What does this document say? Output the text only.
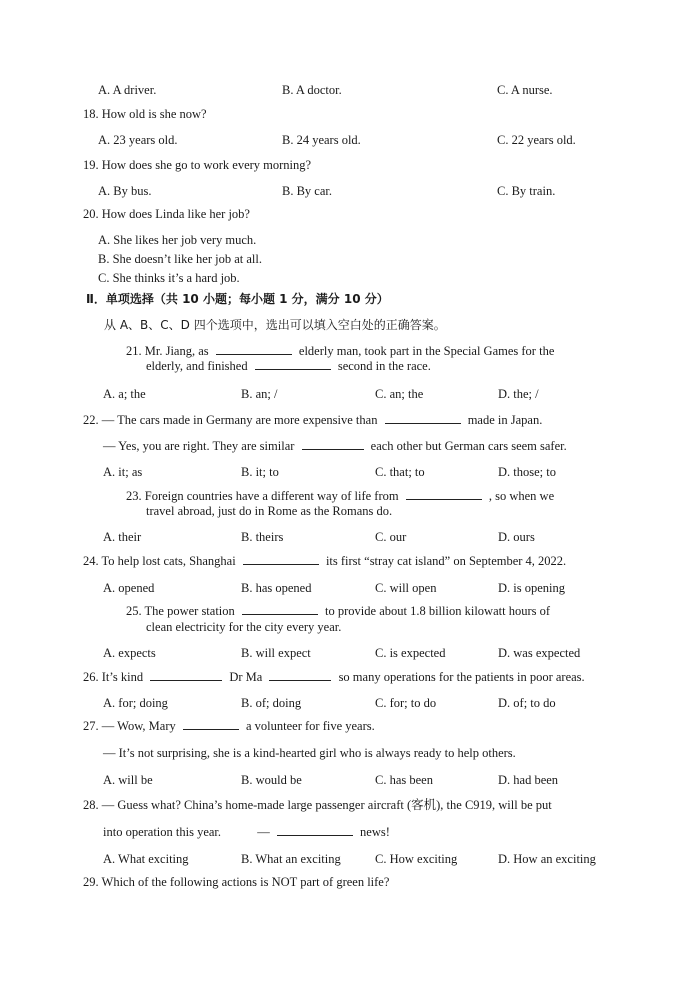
A. A driver.	B. A doctor.	C. A nurse.
18. How old is she now?
A. 23 years old.	B. 24 years old.	C. 22 years old.
19. How does she go to work every morning?
A. By bus.	B. By car.	C. By train.
20. How does Linda like her job?
A. She likes her job very much.
B. She doesn’t like her job at all.
C. She thinks it’s a hard job.
Ⅱ．单项选择（共 10 小题；每小题 1 分，满分 10 分）
从 A、B、C、D 四个选项中，选出可以填入空白处的正确答案。
21. Mr. Jiang, as	elderly man, took part in the Special Games for the
elderly, and finished	second in the race.
A. a; the	B. an; /	C. an; the	D. the; /
22. — The cars made in Germany are more expensive than	made in Japan.
— Yes, you are right. They are similar	each other but German cars seem safer.
A. it; as	B. it; to	C. that; to	D. those; to
23. Foreign countries have a different way of life from	, so when we
travel abroad, just do in Rome as the Romans do.
A. their	B. theirs	C. our	D. ours
24. To help lost cats, Shanghai	its first “stray cat island” on September 4, 2022.
A. opened	B. has opened	C. will open	D. is opening
25. The power station	to provide about 1.8 billion kilowatt hours of
clean electricity for the city every year.
A. expects	B. will expect	C. is expected	D. was expected
26. It’s kind	Dr Ma	so many operations for the patients in poor areas.
A. for; doing	B. of; doing	C. for; to do	D. of; to do
27. — Wow, Mary	a volunteer for five years.
— It’s not surprising, she is a kind-hearted girl who is always ready to help others.
A. will be	B. would be	C. has been	D. had been
28. — Guess what? China’s home-made large passenger aircraft (客机), the C919, will be put
into operation this year.	—	news!
A. What exciting	B. What an exciting	C. How exciting	D. How an exciting
29. Which of the following actions is NOT part of green life?
